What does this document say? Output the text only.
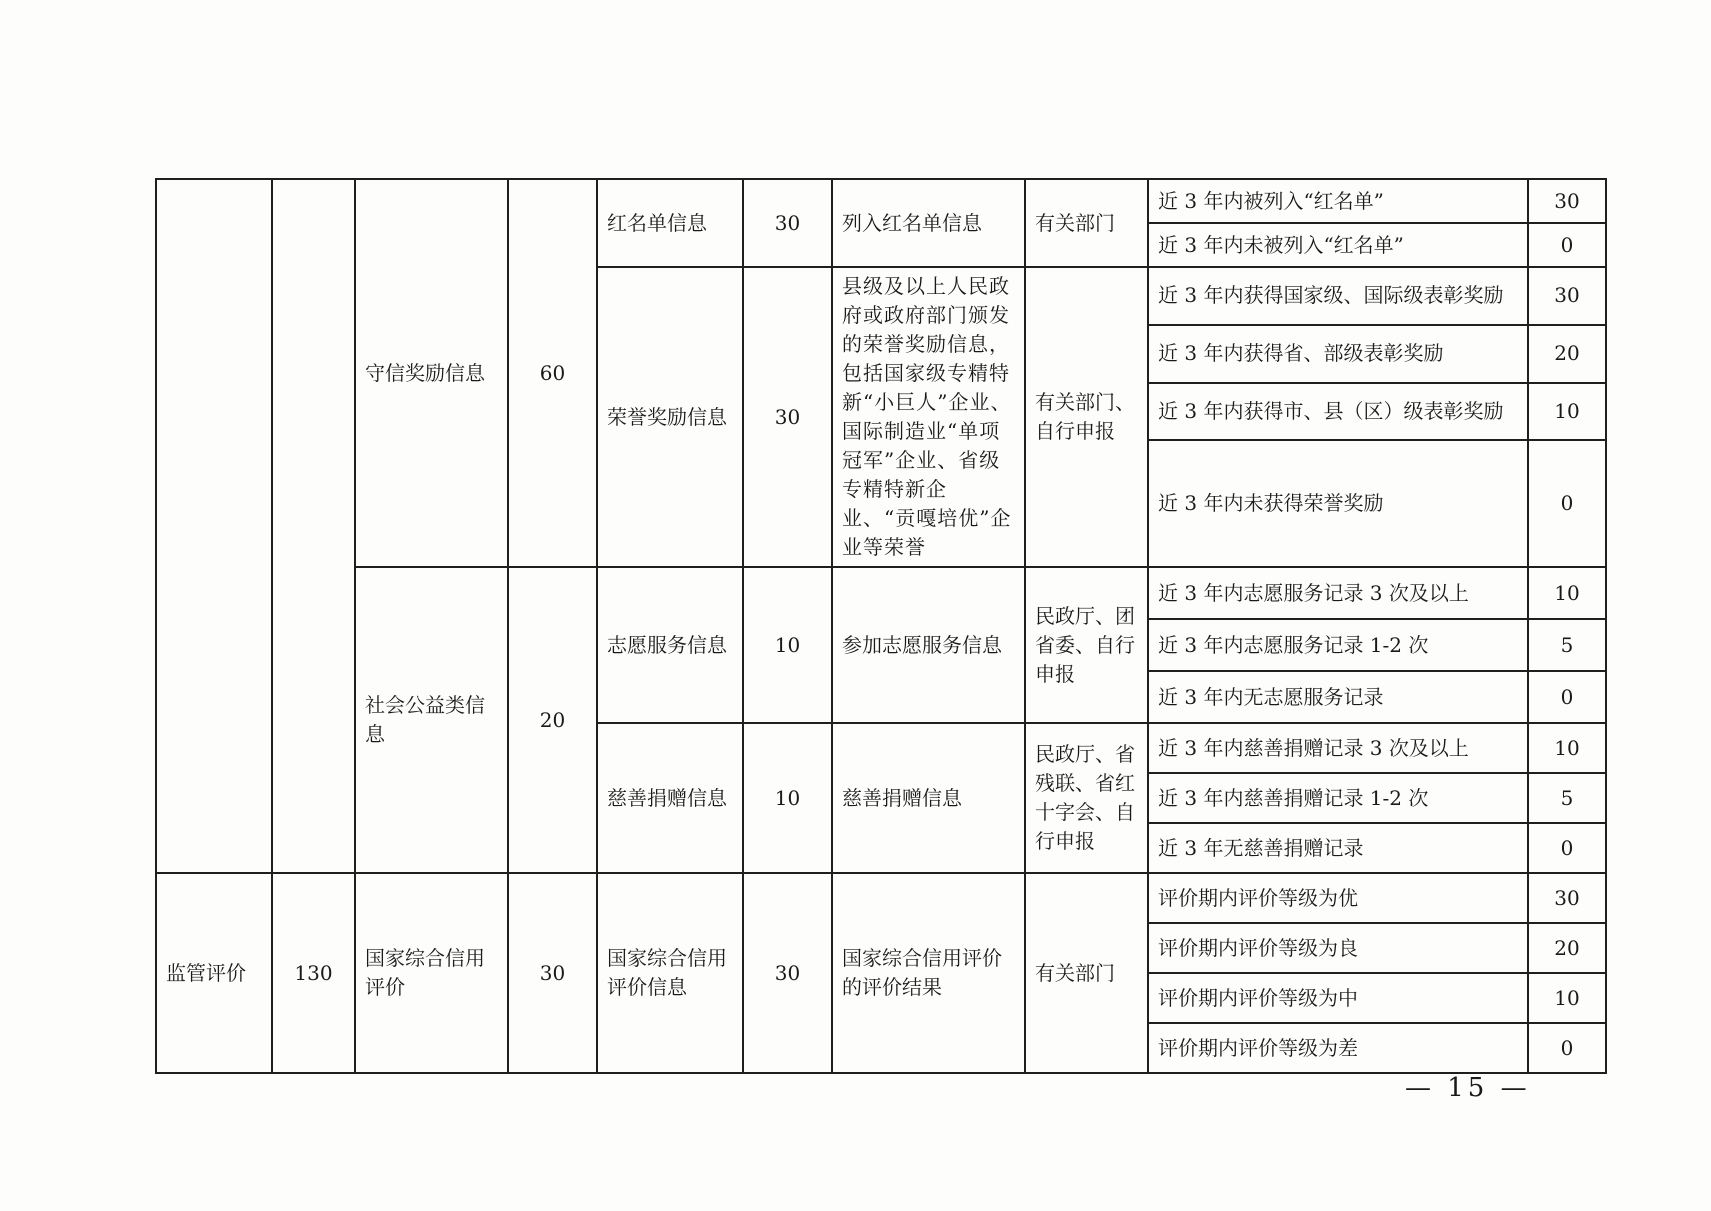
		守信奖励信息	60	红名单信息	30	列入红名单信息	有关部门	近 3 年内被列入“红名单”	30
								近 3 年内未被列入“红名单”	0
				荣誉奖励信息	30	县级及以上人民政府或政府部门颁发的荣誉奖励信息，包括国家级专精特新“小巨人”企业、国际制造业“单项冠军”企业、省级专精特新企业、“贡嘎培优”企业等荣誉	有关部门、自行申报	近 3 年内获得国家级、国际级表彰奖励	30
								近 3 年内获得省、部级表彰奖励	20
								近 3 年内获得市、县（区）级表彰奖励	10
								近 3 年内未获得荣誉奖励	0
		社会公益类信息	20	志愿服务信息	10	参加志愿服务信息	民政厅、团省委、自行申报	近 3 年内志愿服务记录 3 次及以上	10
								近 3 年内志愿服务记录 1-2 次	5
								近 3 年内无志愿服务记录	0
				慈善捐赠信息	10	慈善捐赠信息	民政厅、省残联、省红十字会、自行申报	近 3 年内慈善捐赠记录 3 次及以上	10
								近 3 年内慈善捐赠记录 1-2 次	5
								近 3 年无慈善捐赠记录	0
监管评价	130	国家综合信用评价	30	国家综合信用评价信息	30	国家综合信用评价的评价结果	有关部门	评价期内评价等级为优	30
								评价期内评价等级为良	20
								评价期内评价等级为中	10
								评价期内评价等级为差	0
— 15 —
